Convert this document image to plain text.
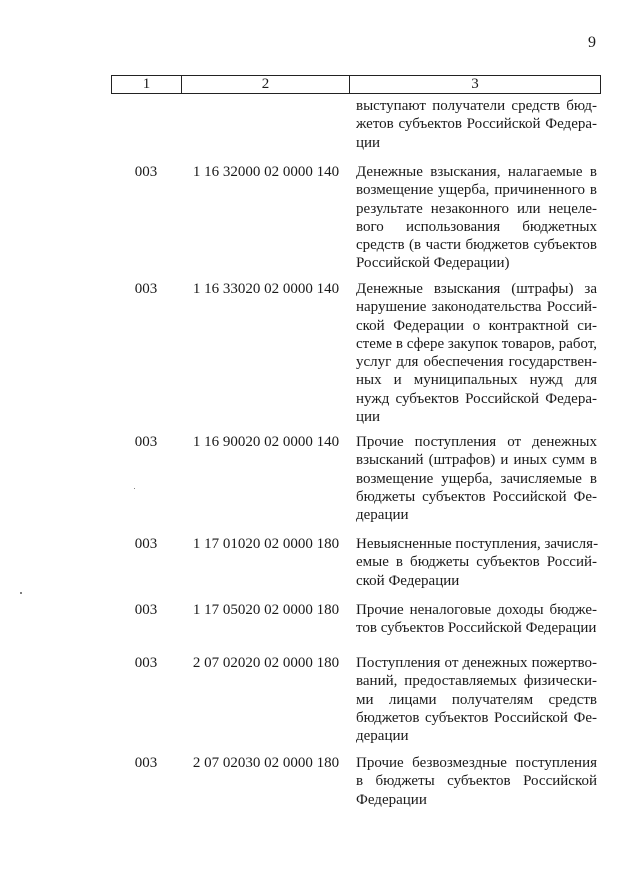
9
1	2	3
выступают получатели средств бюд-
жетов субъектов Российской Федера-
ции
003	1 16 32000 02 0000 140	Денежные взыскания, налагаемые в
возмещение ущерба, причиненного в
результате незаконного или нецеле-
вого использования бюджетных
средств (в части бюджетов субъектов
Российской Федерации)
003	1 16 33020 02 0000 140	Денежные взыскания (штрафы) за
нарушение законодательства Россий-
ской Федерации о контрактной си-
стеме в сфере закупок товаров, работ,
услуг для обеспечения государствен-
ных и муниципальных нужд для
нужд субъектов Российской Федера-
ции
003	1 16 90020 02 0000 140	Прочие поступления от денежных
взысканий (штрафов) и иных сумм в
возмещение ущерба, зачисляемые в
бюджеты субъектов Российской Фе-
дерации
003	1 17 01020 02 0000 180	Невыясненные поступления, зачисля-
емые в бюджеты субъектов Россий-
ской Федерации
003	1 17 05020 02 0000 180	Прочие неналоговые доходы бюдже-
тов субъектов Российской Федерации
003	2 07 02020 02 0000 180	Поступления от денежных пожертво-
ваний, предоставляемых физически-
ми лицами получателям средств
бюджетов субъектов Российской Фе-
дерации
003	2 07 02030 02 0000 180	Прочие безвозмездные поступления
в бюджеты субъектов Российской
Федерации
